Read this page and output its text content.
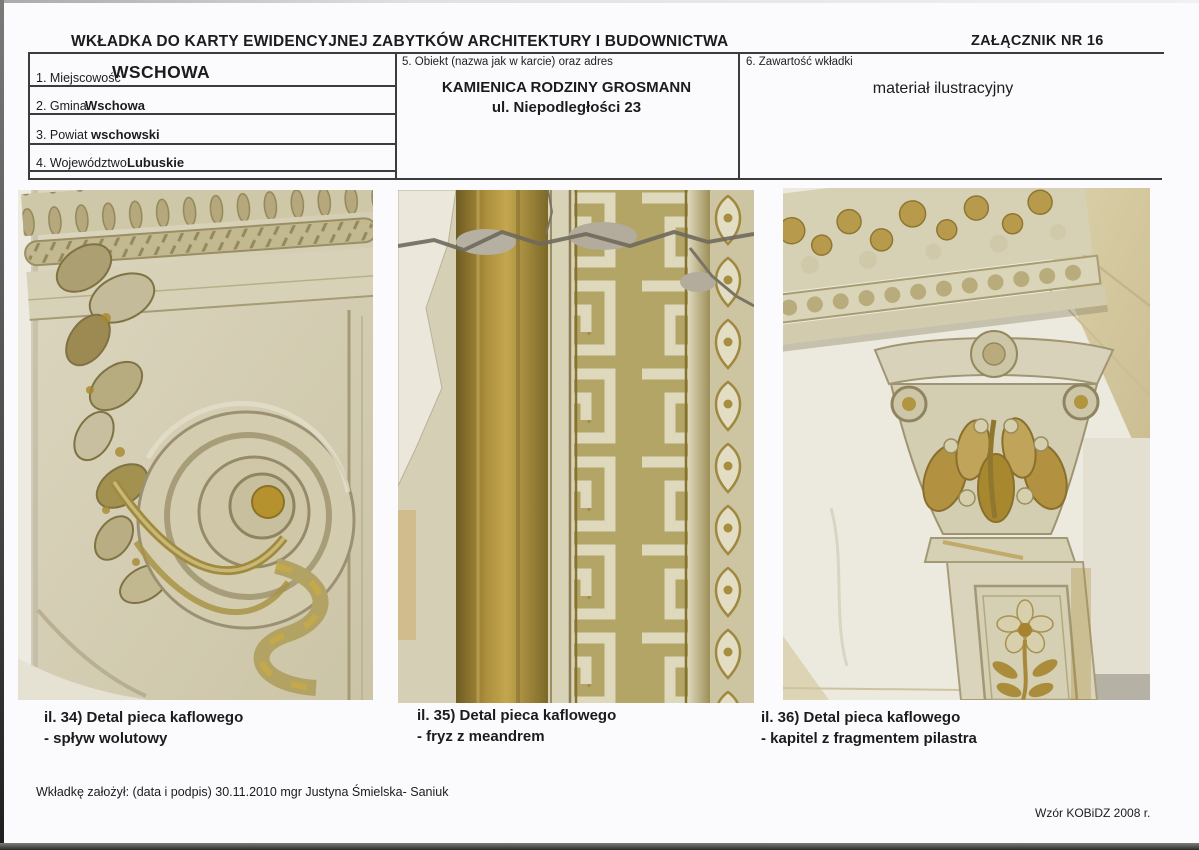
WKŁADKA DO KARTY EWIDENCYJNEJ ZABYTKÓW ARCHITEKTURY I BUDOWNICTWA	ZAŁĄCZNIK NR 16
1. Miejscowość
WSCHOWA
2. Gmina
Wschowa
3. Powiat wschowski
4. Województwo Lubuskie
5. Obiekt (nazwa jak w karcie) oraz adres
KAMIENICA RODZINY GROSMANN
ul. Niepodległości 23
6. Zawartość wkładki
materiał ilustracyjny
il. 34) Detal pieca kaflowego
- spływ wolutowy
il. 35) Detal pieca kaflowego
- fryz z meandrem
il. 36) Detal pieca kaflowego
- kapitel z fragmentem pilastra
Wkładkę założył: (data i podpis) 30.11.2010 mgr Justyna Śmielska- Saniuk
Wzór KOBiDZ 2008 r.
